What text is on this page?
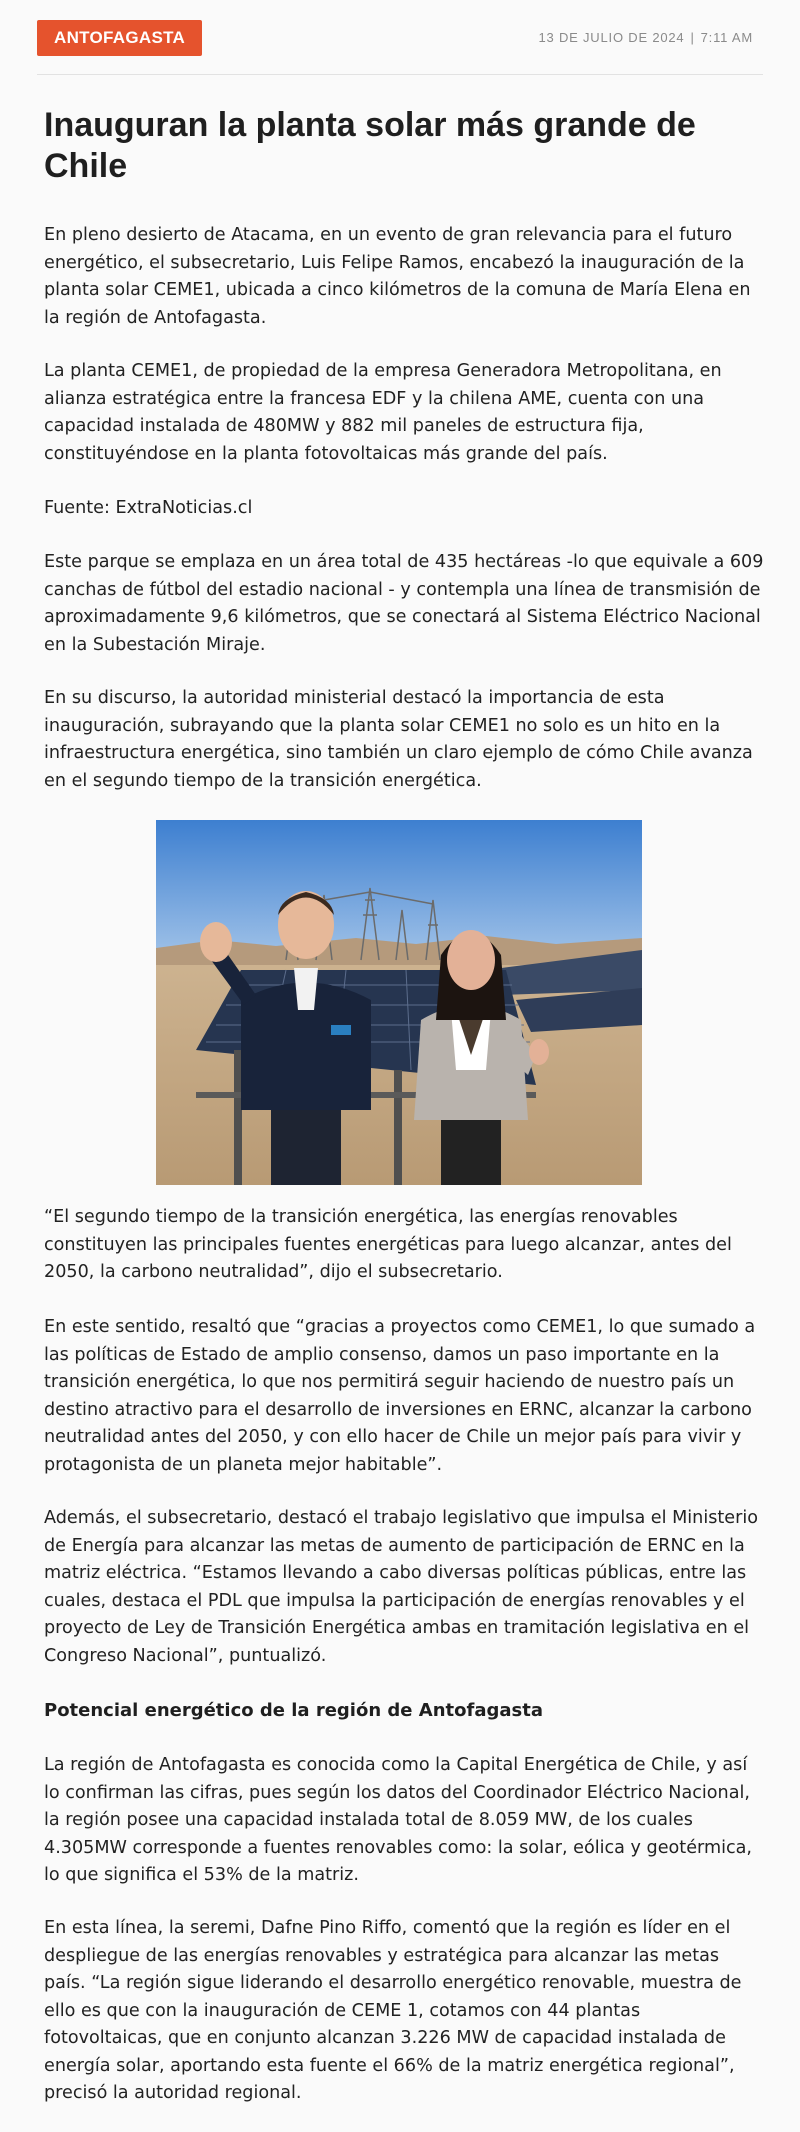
ANTOFAGASTA	13 DE JULIO DE 2024 | 7:11 AM
Inauguran la planta solar más grande de Chile

En pleno desierto de Atacama, en un evento de gran relevancia para el futuro energético, el subsecretario, Luis Felipe Ramos, encabezó la inauguración de la planta solar CEME1, ubicada a cinco kilómetros de la comuna de María Elena en la región de Antofagasta.

La planta CEME1, de propiedad de la empresa Generadora Metropolitana, en alianza estratégica entre la francesa EDF y la chilena AME, cuenta con una capacidad instalada de 480MW y 882 mil paneles de estructura fija, constituyéndose en la planta fotovoltaicas más grande del país.

Fuente: ExtraNoticias.cl

Este parque se emplaza en un área total de 435 hectáreas -lo que equivale a 609 canchas de fútbol del estadio nacional - y contempla una línea de transmisión de aproximadamente 9,6 kilómetros, que se conectará al Sistema Eléctrico Nacional en la Subestación Miraje.

En su discurso, la autoridad ministerial destacó la importancia de esta inauguración, subrayando que la planta solar CEME1 no solo es un hito en la infraestructura energética, sino también un claro ejemplo de cómo Chile avanza en el segundo tiempo de la transición energética.

“El segundo tiempo de la transición energética, las energías renovables constituyen las principales fuentes energéticas para luego alcanzar, antes del 2050, la carbono neutralidad”, dijo el subsecretario.

En este sentido, resaltó que “gracias a proyectos como CEME1, lo que sumado a las políticas de Estado de amplio consenso, damos un paso importante en la transición energética, lo que nos permitirá seguir haciendo de nuestro país un destino atractivo para el desarrollo de inversiones en ERNC, alcanzar la carbono neutralidad antes del 2050, y con ello hacer de Chile un mejor país para vivir y protagonista de un planeta mejor habitable”.

Además, el subsecretario, destacó el trabajo legislativo que impulsa el Ministerio de Energía para alcanzar las metas de aumento de participación de ERNC en la matriz eléctrica. “Estamos llevando a cabo diversas políticas públicas, entre las cuales, destaca el PDL que impulsa la participación de energías renovables y el proyecto de Ley de Transición Energética ambas en tramitación legislativa en el Congreso Nacional”, puntualizó.

Potencial energético de la región de Antofagasta

La región de Antofagasta es conocida como la Capital Energética de Chile, y así lo confirman las cifras, pues según los datos del Coordinador Eléctrico Nacional, la región posee una capacidad instalada total de 8.059 MW, de los cuales 4.305MW corresponde a fuentes renovables como: la solar, eólica y geotérmica, lo que significa el 53% de la matriz.

En esta línea, la seremi, Dafne Pino Riffo, comentó que la región es líder en el despliegue de las energías renovables y estratégica para alcanzar las metas país. “La región sigue liderando el desarrollo energético renovable, muestra de ello es que con la inauguración de CEME 1, cotamos con 44 plantas fotovoltaicas, que en conjunto alcanzan 3.226 MW de capacidad instalada de energía solar, aportando esta fuente el 66% de la matriz energética regional”, precisó la autoridad regional.
